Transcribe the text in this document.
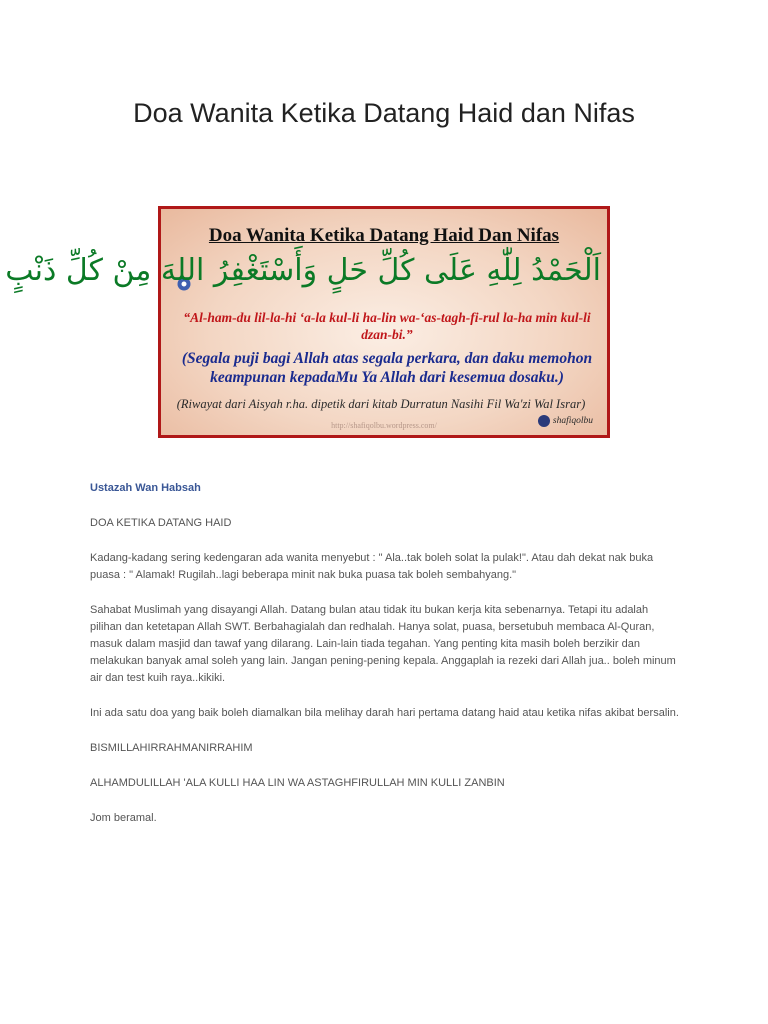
Doa Wanita Ketika Datang Haid dan Nifas
Doa Wanita Ketika Datang Haid Dan Nifas
اَلْحَمْدُ لِلّٰهِ عَلَى كُلِّ حَلٍ وَأَسْتَغْفِرُ اللهَ مِنْ كُلِّ ذَنْبٍ
“Al-ham-du lil-la-hi ‘a-la kul-li ha-lin wa-‘as-tagh-fi-rul la-ha min kul-li dzan-bi.”
(Segala puji bagi Allah atas segala perkara, dan daku memohon keampunan kepadaMu Ya Allah dari kesemua dosaku.)
(Riwayat dari Aisyah r.ha. dipetik dari kitab Durratun Nasihi Fil Wa'zi Wal Israr)
http://shafiqolbu.wordpress.com/	shafiqolbu

Ustazah Wan Habsah

DOA KETIKA DATANG HAID

Kadang-kadang sering kedengaran ada wanita menyebut : " Ala..tak boleh solat la pulak!". Atau dah dekat nak buka puasa : " Alamak! Rugilah..lagi beberapa minit nak buka puasa tak boleh sembahyang."

Sahabat Muslimah yang disayangi Allah. Datang bulan atau tidak itu bukan kerja kita sebenarnya. Tetapi itu adalah pilihan dan ketetapan Allah SWT. Berbahagialah dan redhalah. Hanya solat, puasa, bersetubuh membaca Al-Quran, masuk dalam masjid dan tawaf yang dilarang. Lain-lain tiada tegahan. Yang penting kita masih boleh berzikir dan melakukan banyak amal soleh yang lain. Jangan pening-pening kepala. Anggaplah ia rezeki dari Allah jua.. boleh minum air dan test kuih raya..kikiki.

Ini ada satu doa yang baik boleh diamalkan bila melihay darah hari pertama datang haid atau ketika nifas akibat bersalin.

BISMILLAHIRRAHMANIRRAHIM

ALHAMDULILLAH 'ALA KULLI HAA LIN WA ASTAGHFIRULLAH MIN KULLI ZANBIN

Jom beramal.
